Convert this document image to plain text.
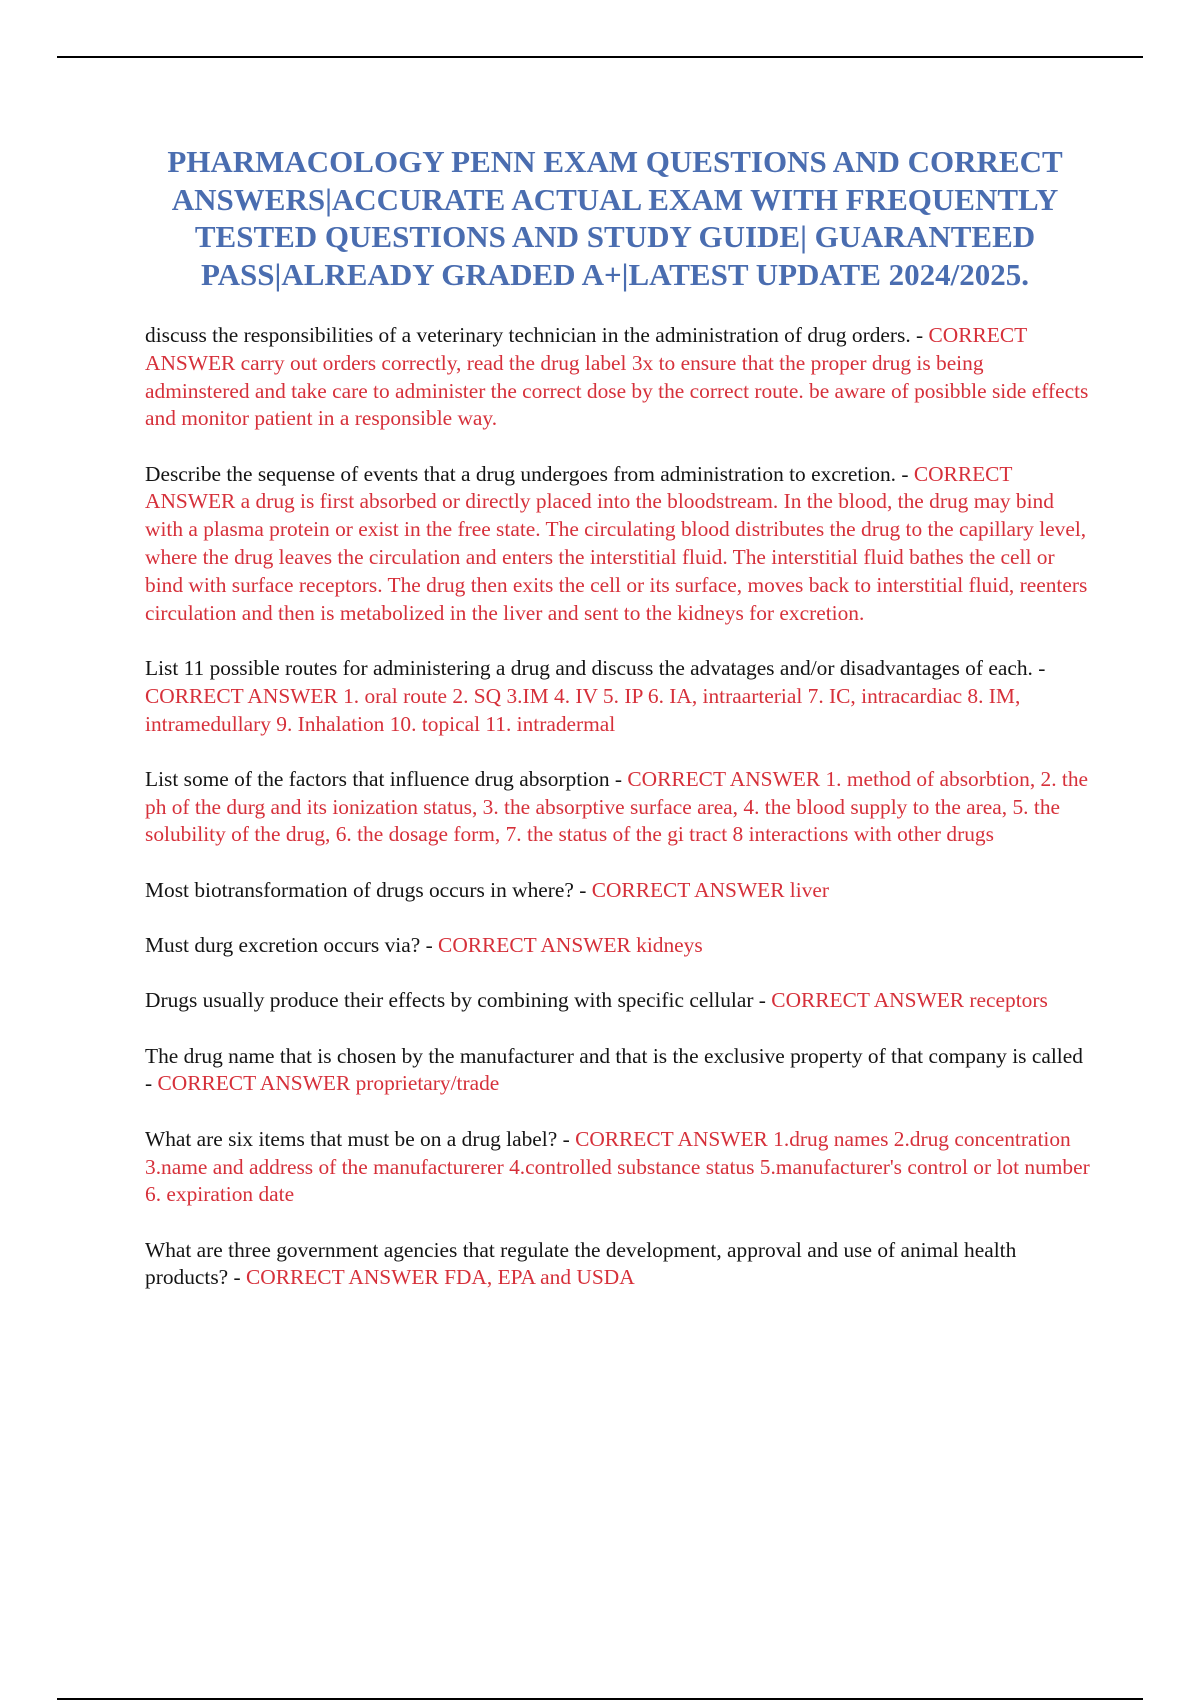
PHARMACOLOGY PENN EXAM QUESTIONS AND CORRECT ANSWERS|ACCURATE ACTUAL EXAM WITH FREQUENTLY TESTED QUESTIONS AND STUDY GUIDE| GUARANTEED PASS|ALREADY GRADED A+|LATEST UPDATE 2024/2025.

discuss the responsibilities of a veterinary technician in the administration of drug orders. - CORRECT ANSWER carry out orders correctly, read the drug label 3x to ensure that the proper drug is being adminstered and take care to administer the correct dose by the correct route. be aware of posibble side effects and monitor patient in a responsible way.

Describe the sequense of events that a drug undergoes from administration to excretion. - CORRECT ANSWER a drug is first absorbed or directly placed into the bloodstream. In the blood, the drug may bind with a plasma protein or exist in the free state. The circulating blood distributes the drug to the capillary level, where the drug leaves the circulation and enters the interstitial fluid. The interstitial fluid bathes the cell or bind with surface receptors. The drug then exits the cell or its surface, moves back to interstitial fluid, reenters circulation and then is metabolized in the liver and sent to the kidneys for excretion.

List 11 possible routes for administering a drug and discuss the advatages and/or disadvantages of each. - CORRECT ANSWER 1. oral route 2. SQ 3.IM 4. IV 5. IP 6. IA, intraarterial 7. IC, intracardiac 8. IM, intramedullary 9. Inhalation 10. topical 11. intradermal

List some of the factors that influence drug absorption - CORRECT ANSWER 1. method of absorbtion, 2. the ph of the durg and its ionization status, 3. the absorptive surface area, 4. the blood supply to the area, 5. the solubility of the drug, 6. the dosage form, 7. the status of the gi tract 8 interactions with other drugs

Most biotransformation of drugs occurs in where? - CORRECT ANSWER liver

Must durg excretion occurs via? - CORRECT ANSWER kidneys

Drugs usually produce their effects by combining with specific cellular - CORRECT ANSWER receptors

The drug name that is chosen by the manufacturer and that is the exclusive property of that company is called - CORRECT ANSWER proprietary/trade

What are six items that must be on a drug label? - CORRECT ANSWER 1.drug names 2.drug concentration 3.name and address of the manufacturerer 4.controlled substance status 5.manufacturer's control or lot number 6. expiration date

What are three government agencies that regulate the development, approval and use of animal health products? - CORRECT ANSWER FDA, EPA and USDA
